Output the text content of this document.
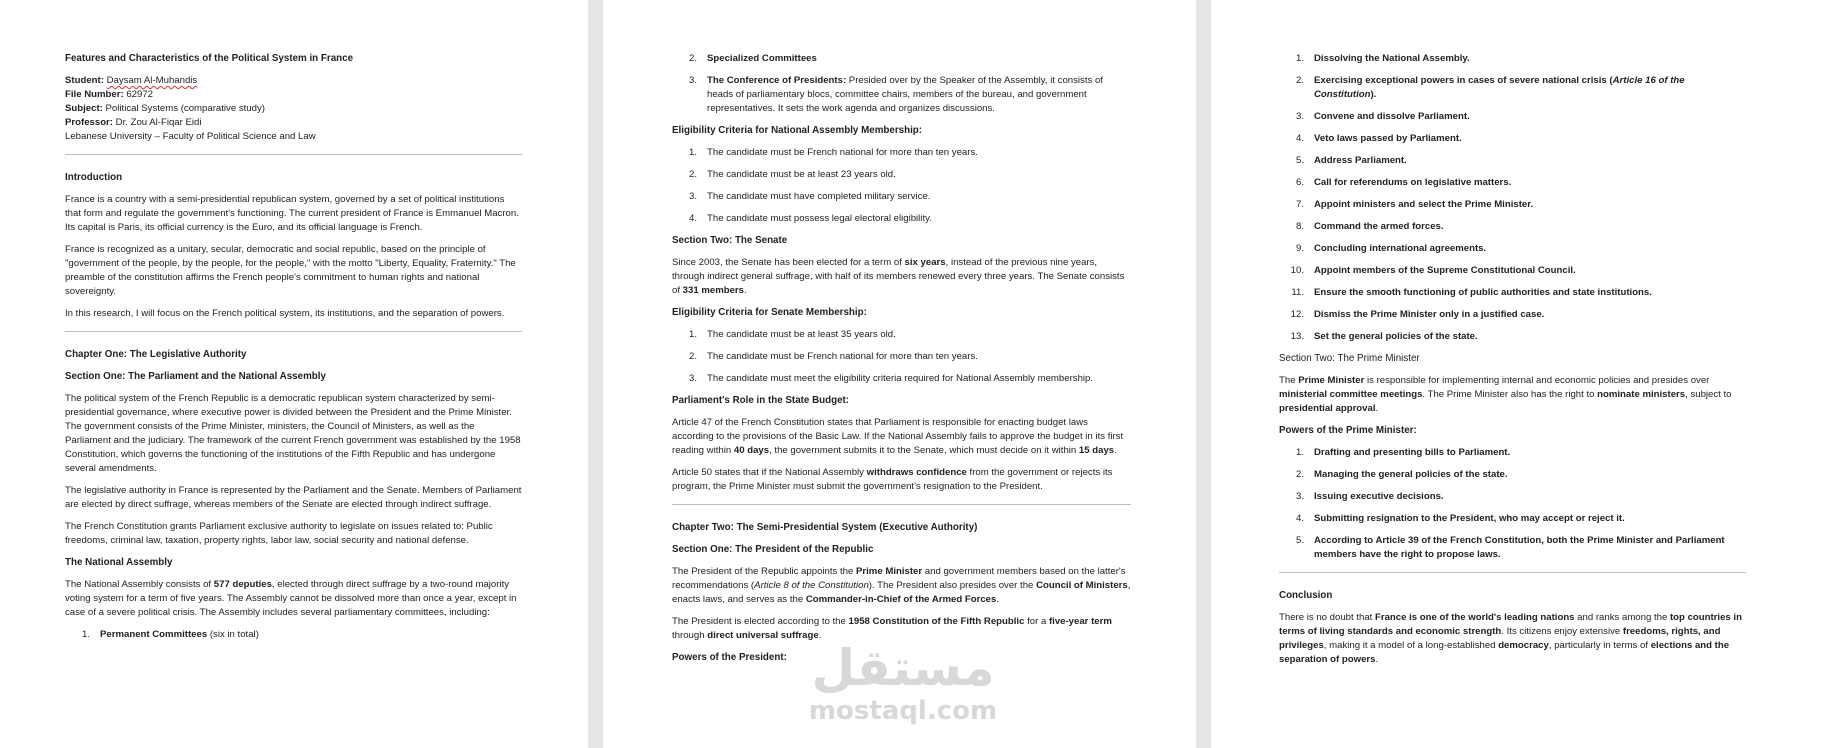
Features and Characteristics of the Political System in France

Student: Daysam Al-Muhandis

File Number: 62972

Subject: Political Systems (comparative study)

Professor: Dr. Zou Al-Fiqar Eidi

Lebanese University – Faculty of Political Science and Law

Introduction

France is a country with a semi-presidential republican system, governed by a set of political institutions that form and regulate the government's functioning. The current president of France is Emmanuel Macron. Its capital is Paris, its official currency is the Euro, and its official language is French.

France is recognized as a unitary, secular, democratic and social republic, based on the principle of "government of the people, by the people, for the people," with the motto "Liberty, Equality, Fraternity." The preamble of the constitution affirms the French people's commitment to human rights and national sovereignty.

In this research, I will focus on the French political system, its institutions, and the separation of powers.

Chapter One: The Legislative Authority

Section One: The Parliament and the National Assembly

The political system of the French Republic is a democratic republican system characterized by semi-presidential governance, where executive power is divided between the President and the Prime Minister. The government consists of the Prime Minister, ministers, the Council of Ministers, as well as the Parliament and the judiciary. The framework of the current French government was established by the 1958 Constitution, which governs the functioning of the institutions of the Fifth Republic and has undergone several amendments.

The legislative authority in France is represented by the Parliament and the Senate. Members of Parliament are elected by direct suffrage, whereas members of the Senate are elected through indirect suffrage.

The French Constitution grants Parliament exclusive authority to legislate on issues related to: Public freedoms, criminal law, taxation, property rights, labor law, social security and national defense.

The National Assembly

The National Assembly consists of 577 deputies, elected through direct suffrage by a two-round majority voting system for a term of five years. The Assembly cannot be dissolved more than once a year, except in case of a severe political crisis. The Assembly includes several parliamentary committees, including:

1.	Permanent Committees (six in total)
2.	Specialized Committees
3.	The Conference of Presidents: Presided over by the Speaker of the Assembly, it consists of heads of parliamentary blocs, committee chairs, members of the bureau, and government representatives. It sets the work agenda and organizes discussions.

Eligibility Criteria for National Assembly Membership:

1.	The candidate must be French national for more than ten years.
2.	The candidate must be at least 23 years old.
3.	The candidate must have completed military service.
4.	The candidate must possess legal electoral eligibility.

Section Two: The Senate

Since 2003, the Senate has been elected for a term of six years, instead of the previous nine years, through indirect general suffrage, with half of its members renewed every three years. The Senate consists of 331 members.

Eligibility Criteria for Senate Membership:

1.	The candidate must be at least 35 years old.
2.	The candidate must be French national for more than ten years.
3.	The candidate must meet the eligibility criteria required for National Assembly membership.

Parliament's Role in the State Budget:

Article 47 of the French Constitution states that Parliament is responsible for enacting budget laws according to the provisions of the Basic Law. If the National Assembly fails to approve the budget in its first reading within 40 days, the government submits it to the Senate, which must decide on it within 15 days.

Article 50 states that if the National Assembly withdraws confidence from the government or rejects its program, the Prime Minister must submit the government's resignation to the President.

Chapter Two: The Semi-Presidential System (Executive Authority)

Section One: The President of the Republic

The President of the Republic appoints the Prime Minister and government members based on the latter's recommendations (Article 8 of the Constitution). The President also presides over the Council of Ministers, enacts laws, and serves as the Commander-in-Chief of the Armed Forces.

The President is elected according to the 1958 Constitution of the Fifth Republic for a five-year term through direct universal suffrage.

Powers of the President:

1.	Dissolving the National Assembly.
2.	Exercising exceptional powers in cases of severe national crisis (Article 16 of the Constitution).
3.	Convene and dissolve Parliament.
4.	Veto laws passed by Parliament.
5.	Address Parliament.
6.	Call for referendums on legislative matters.
7.	Appoint ministers and select the Prime Minister.
8.	Command the armed forces.
9.	Concluding international agreements.
10.	Appoint members of the Supreme Constitutional Council.
11.	Ensure the smooth functioning of public authorities and state institutions.
12.	Dismiss the Prime Minister only in a justified case.
13.	Set the general policies of the state.

Section Two: The Prime Minister

The Prime Minister is responsible for implementing internal and economic policies and presides over ministerial committee meetings. The Prime Minister also has the right to nominate ministers, subject to presidential approval.

Powers of the Prime Minister:

1.	Drafting and presenting bills to Parliament.
2.	Managing the general policies of the state.
3.	Issuing executive decisions.
4.	Submitting resignation to the President, who may accept or reject it.
5.	According to Article 39 of the French Constitution, both the Prime Minister and Parliament members have the right to propose laws.

Conclusion

There is no doubt that France is one of the world's leading nations and ranks among the top countries in terms of living standards and economic strength. Its citizens enjoy extensive freedoms, rights, and privileges, making it a model of a long-established democracy, particularly in terms of elections and the separation of powers.

مستقل
mostaql.com
